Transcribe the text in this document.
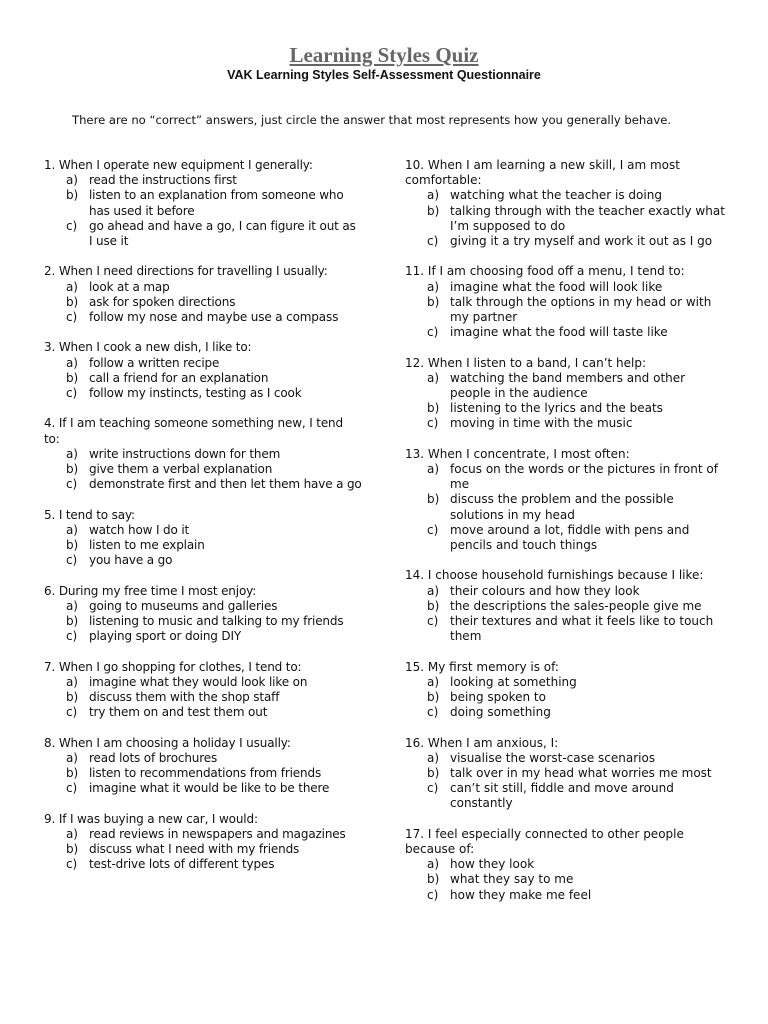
Learning Styles Quiz
VAK Learning Styles Self-Assessment Questionnaire
There are no “correct” answers, just circle the answer that most represents how you generally behave.

1. When I operate new equipment I generally:

a) read the instructions first
b) listen to an explanation from someone who has used it before
c)	go ahead and have a go, I can figure it out as I use it

2. When I need directions for travelling I usually:

a) look at a map
b) ask for spoken directions
c)	follow my nose and maybe use a compass

3. When I cook a new dish, I like to:

a) follow a written recipe
b) call a friend for an explanation
c)	follow my instincts, testing as I cook

4. If I am teaching someone something new, I tend to:

a) write instructions down for them
b) give them a verbal explanation
c)	demonstrate first and then let them have a go

5. I tend to say:

a) watch how I do it
b) listen to me explain
c)	you have a go

6. During my free time I most enjoy:

a) going to museums and galleries
b) listening to music and talking to my friends
c)	playing sport or doing DIY

7. When I go shopping for clothes, I tend to:

a) imagine what they would look like on
b) discuss them with the shop staff
c)	try them on and test them out

8. When I am choosing a holiday I usually:

a) read lots of brochures
b) listen to recommendations from friends
c)	imagine what it would be like to be there

9. If I was buying a new car, I would:

a) read reviews in newspapers and magazines
b) discuss what I need with my friends
c)	test-drive lots of different types

10. When I am learning a new skill, I am most comfortable:

a) watching what the teacher is doing
b) talking through with the teacher exactly what I’m supposed to do
c) giving it a try myself and work it out as I go

11. If I am choosing food off a menu, I tend to:

a) imagine what the food will look like
b) talk through the options in my head or with my partner
c) imagine what the food will taste like

12. When I listen to a band, I can’t help:

a) watching the band members and other people in the audience
b) listening to the lyrics and the beats
c) moving in time with the music

13. When I concentrate, I most often:

a) focus on the words or the pictures in front of me
b) discuss the problem and the possible solutions in my head
c) move around a lot, fiddle with pens and pencils and touch things

14. I choose household furnishings because I like:

a) their colours and how they look
b) the descriptions the sales-people give me
c) their textures and what it feels like to touch them

15. My first memory is of:

a) looking at something
b) being spoken to
c) doing something

16. When I am anxious, I:

a) visualise the worst-case scenarios
b) talk over in my head what worries me most
c) can’t sit still, fiddle and move around constantly

17. I feel especially connected to other people because of:

a) how they look
b) what they say to me
c) how they make me feel
